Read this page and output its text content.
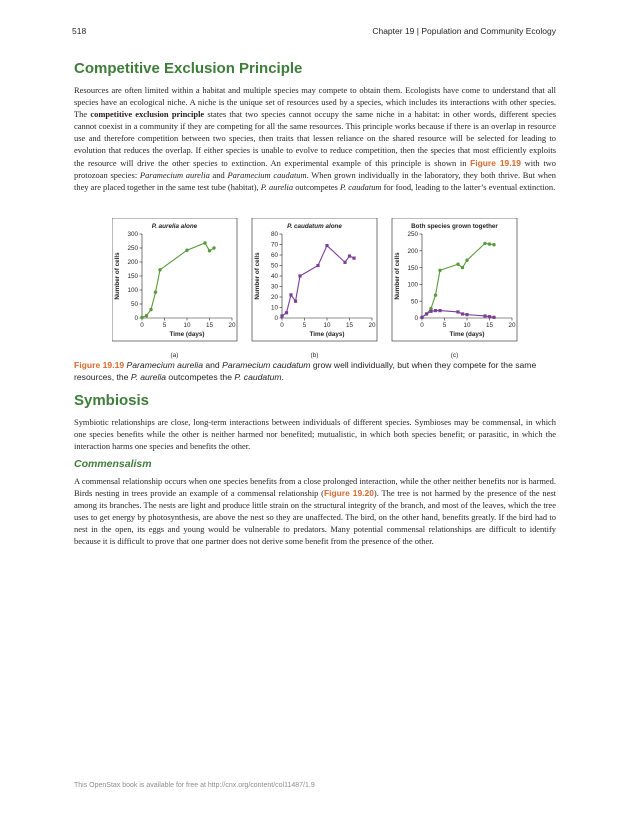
518	Chapter 19 | Population and Community Ecology
Competitive Exclusion Principle

Resources are often limited within a habitat and multiple species may compete to obtain them. Ecologists have come to understand that all species have an ecological niche. A niche is the unique set of resources used by a species, which includes its interactions with other species. The competitive exclusion principle states that two species cannot occupy the same niche in a habitat: in other words, different species cannot coexist in a community if they are competing for all the same resources. This principle works because if there is an overlap in resource use and therefore competition between two species, then traits that lessen reliance on the shared resource will be selected for leading to evolution that reduces the overlap. If either species is unable to evolve to reduce competition, then the species that most efficiently exploits the resource will drive the other species to extinction. An experimental example of this principle is shown in Figure 19.19 with two protozoan species: Paramecium aurelia and Paramecium caudatum. When grown individually in the laboratory, they both thrive. But when they are placed together in the same test tube (habitat), P. aurelia outcompetes P. caudatum for food, leading to the latter’s eventual extinction.

P. aurelia alone
0	5	10 15 20
0
50
100
150
200
250
300
Time (days)
Number of cells
(a)
P. caudatum alone
0	5	10 15 20
0
10
20
30
40
50
60
70
80
Time (days)
Number of cells
(b)
Both species grown together
0	5	10 15 20
0
50
100
150
200
250
Time (days)
Number of cells
(c)

Figure 19.19 Paramecium aurelia and Paramecium caudatum grow well individually, but when they compete for the same resources, the P. aurelia outcompetes the P. caudatum.

Symbiosis

Symbiotic relationships are close, long-term interactions between individuals of different species. Symbioses may be commensal, in which one species benefits while the other is neither harmed nor benefited; mutualistic, in which both species benefit; or parasitic, in which the interaction harms one species and benefits the other.

Commensalism

A commensal relationship occurs when one species benefits from a close prolonged interaction, while the other neither benefits nor is harmed. Birds nesting in trees provide an example of a commensal relationship (Figure 19.20). The tree is not harmed by the presence of the nest among its branches. The nests are light and produce little strain on the structural integrity of the branch, and most of the leaves, which the tree uses to get energy by photosynthesis, are above the nest so they are unaffected. The bird, on the other hand, benefits greatly. If the bird had to nest in the open, its eggs and young would be vulnerable to predators. Many potential commensal relationships are difficult to identify because it is difficult to prove that one partner does not derive some benefit from the presence of the other.

This OpenStax book is available for free at http://cnx.org/content/col11487/1.9
